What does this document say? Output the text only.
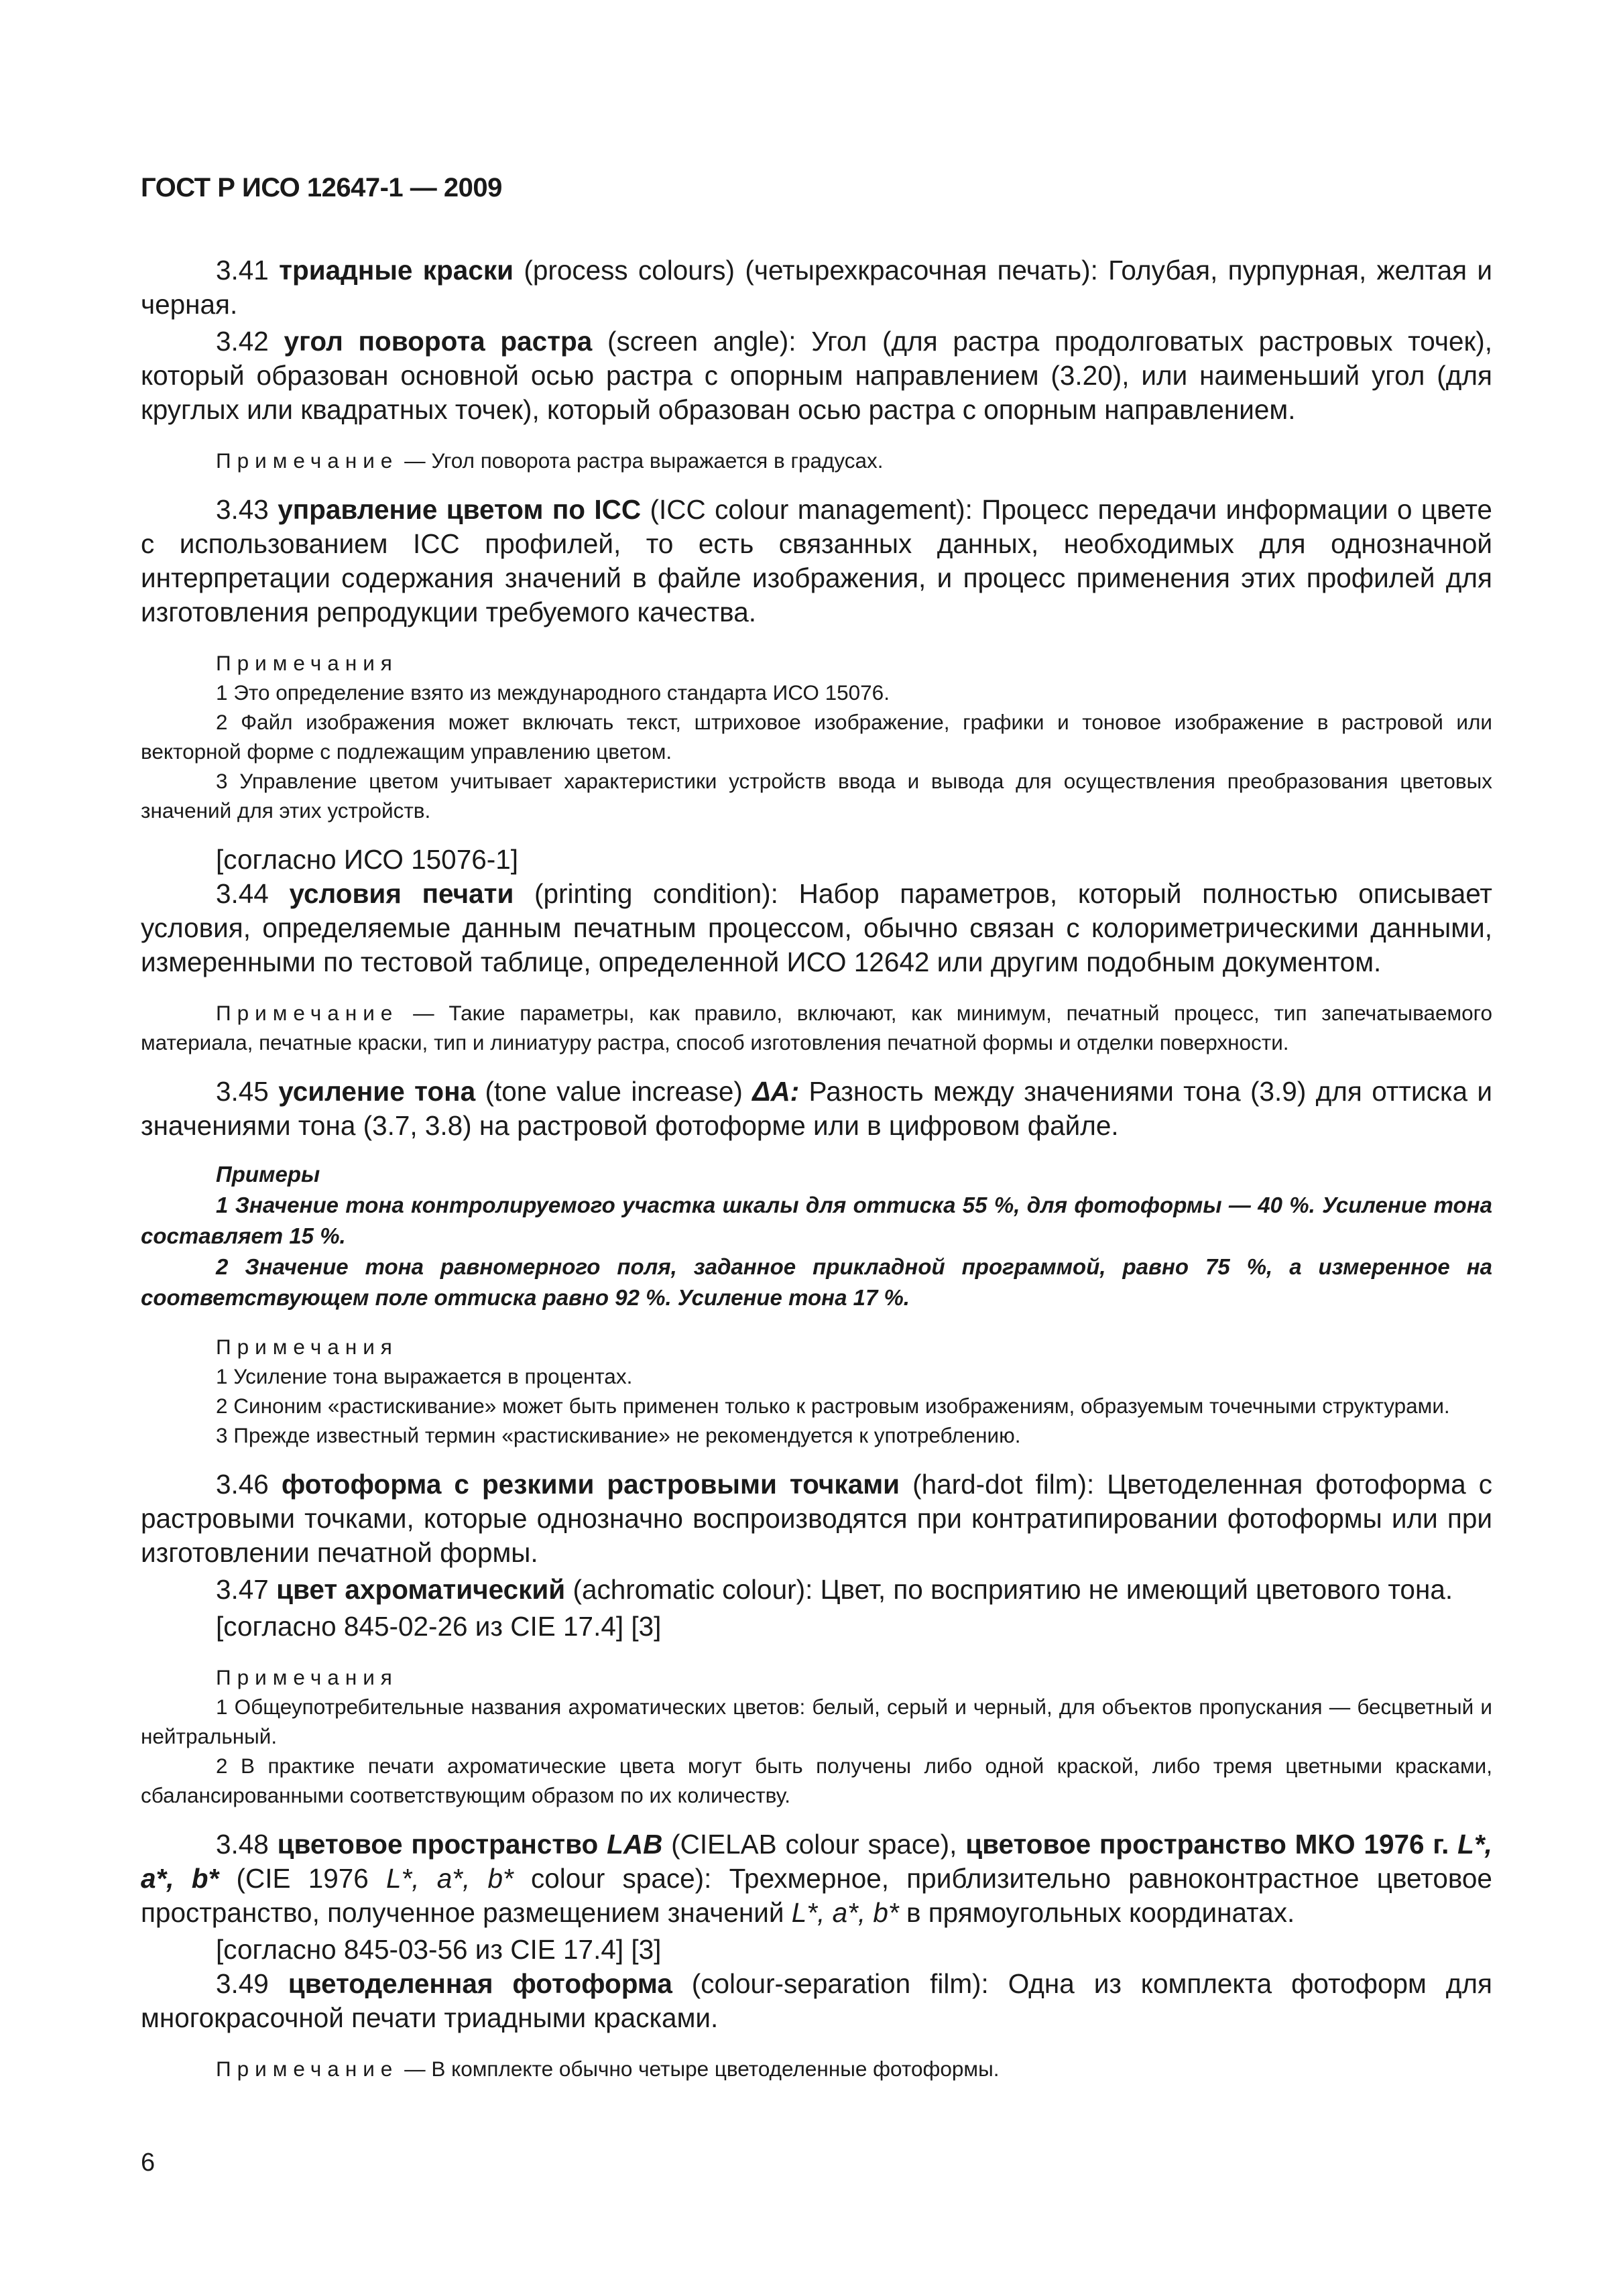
ГОСТ Р ИСО 12647-1 — 2009

3.41 триадные краски (process colours) (четырехкрасочная печать): Голубая, пурпурная, желтая и черная.

3.42 угол поворота растра (screen angle): Угол (для растра продолговатых растровых точек), который образован основной осью растра с опорным направлением (3.20), или наименьший угол (для круглых или квадратных точек), который образован осью растра с опорным направлением.

Примечание — Угол поворота растра выражается в градусах.

3.43 управление цветом по ICC (ICC colour management): Процесс передачи информации о цвете с использованием ICC профилей, то есть связанных данных, необходимых для однозначной интерпретации содержания значений в файле изображения, и процесс применения этих профилей для изготовления репродукции требуемого качества.

Примечания

1 Это определение взято из международного стандарта ИСО 15076.

2 Файл изображения может включать текст, штриховое изображение, графики и тоновое изображение в растровой или векторной форме с подлежащим управлению цветом.

3 Управление цветом учитывает характеристики устройств ввода и вывода для осуществления преобразования цветовых значений для этих устройств.

[согласно ИСО 15076-1]

3.44 условия печати (printing condition): Набор параметров, который полностью описывает условия, определяемые данным печатным процессом, обычно связан с колориметрическими данными, измеренными по тестовой таблице, определенной ИСО 12642 или другим подобным документом.

Примечание — Такие параметры, как правило, включают, как минимум, печатный процесс, тип запечатываемого материала, печатные краски, тип и линиатуру растра, способ изготовления печатной формы и отделки поверхности.

3.45 усиление тона (tone value increase) ΔA: Разность между значениями тона (3.9) для оттиска и значениями тона (3.7, 3.8) на растровой фотоформе или в цифровом файле.

Примеры

1 Значение тона контролируемого участка шкалы для оттиска 55 %, для фотоформы — 40 %. Усиление тона составляет 15 %.

2 Значение тона равномерного поля, заданное прикладной программой, равно 75 %, а измеренное на соответствующем поле оттиска равно 92 %. Усиление тона 17 %.

Примечания

1 Усиление тона выражается в процентах.

2 Синоним «растискивание» может быть применен только к растровым изображениям, образуемым точечными структурами.

3 Прежде известный термин «растискивание» не рекомендуется к употреблению.

3.46 фотоформа с резкими растровыми точками (hard-dot film): Цветоделенная фотоформа с растровыми точками, которые однозначно воспроизводятся при контратипировании фотоформы или при изготовлении печатной формы.

3.47 цвет ахроматический (achromatic colour): Цвет, по восприятию не имеющий цветового тона.

[согласно 845-02-26 из CIE 17.4] [3]

Примечания

1 Общеупотребительные названия ахроматических цветов: белый, серый и черный, для объектов пропускания — бесцветный и нейтральный.

2 В практике печати ахроматические цвета могут быть получены либо одной краской, либо тремя цветными красками, сбалансированными соответствующим образом по их количеству.

3.48 цветовое пространство LAB (CIELAB colour space), цветовое пространство МКО 1976 г. L*, a*, b* (CIE 1976 L*, a*, b* colour space): Трехмерное, приблизительно равноконтрастное цветовое пространство, полученное размещением значений L*, a*, b* в прямоугольных координатах.

[согласно 845-03-56 из CIE 17.4] [3]

3.49 цветоделенная фотоформа (colour-separation film): Одна из комплекта фотоформ для многокрасочной печати триадными красками.

Примечание — В комплекте обычно четыре цветоделенные фотоформы.

6
